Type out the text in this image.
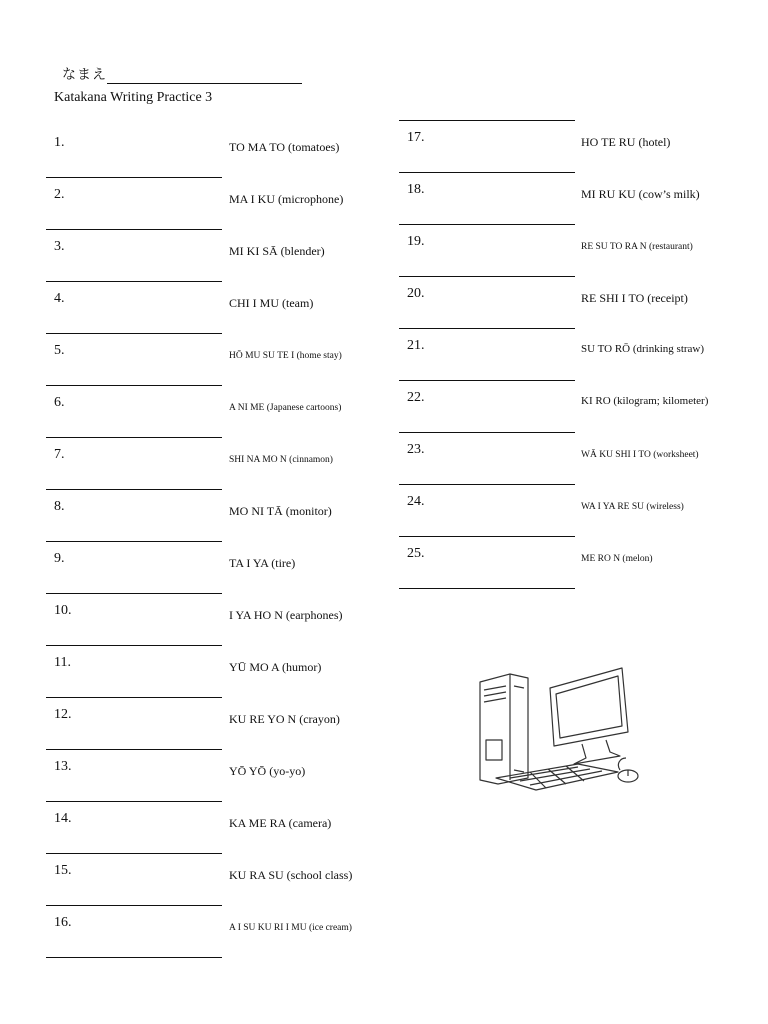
なまえ
Katakana Writing Practice 3
1.	TO MA TO (tomatoes)
2.	MA I KU (microphone)
3.	MI KI SĀ (blender)
4.	CHI I MU (team)
5.	HŌ MU SU TE I (home stay)
6.	A NI ME (Japanese cartoons)
7.	SHI NA MO N (cinnamon)
8.	MO NI TĀ (monitor)
9.	TA I YA (tire)
10.	I YA HO N (earphones)
11.	YŪ MO A (humor)
12.	KU RE YO N (crayon)
13.	YŌ YŌ (yo-yo)
14.	KA ME RA (camera)
15.	KU RA SU (school class)
16.	A I SU KU RI I MU (ice cream)
17.	HO TE RU (hotel)
18.	MI RU KU (cow’s milk)
19.	RE SU TO RA N (restaurant)
20.	RE SHI I TO (receipt)
21.	SU TO RŌ (drinking straw)
22.	KI RO (kilogram; kilometer)
23.	WĀ KU SHI I TO (worksheet)
24.	WA I YA RE SU (wireless)
25.	ME RO N (melon)
